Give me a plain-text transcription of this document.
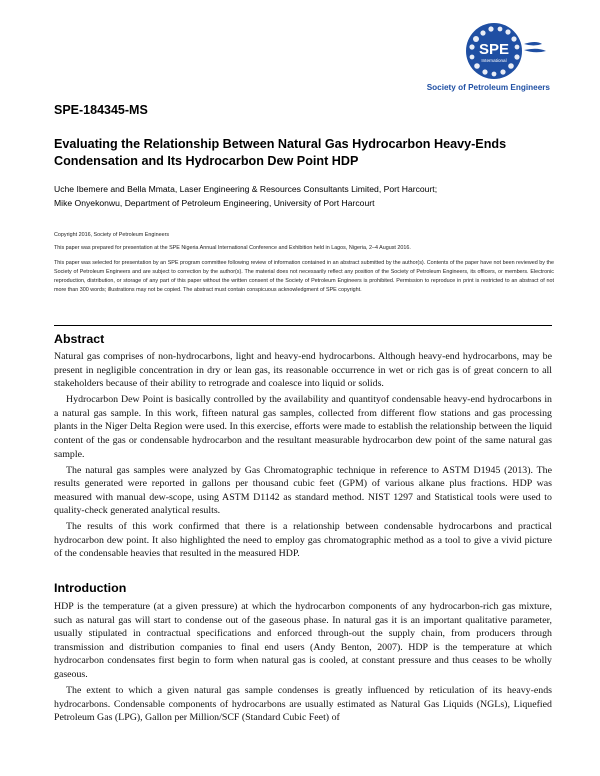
SPE
International
Society of Petroleum Engineers
SPE-184345-MS
Evaluating the Relationship Between Natural Gas Hydrocarbon Heavy-Ends Condensation and Its Hydrocarbon Dew Point HDP
Uche Ibemere and Bella Mmata, Laser Engineering & Resources Consultants Limited, Port Harcourt;
Mike Onyekonwu, Department of Petroleum Engineering, University of Port Harcourt

Copyright 2016, Society of Petroleum Engineers

This paper was prepared for presentation at the SPE Nigeria Annual International Conference and Exhibition held in Lagos, Nigeria, 2–4 August 2016.

This paper was selected for presentation by an SPE program committee following review of information contained in an abstract submitted by the author(s). Contents of the paper have not been reviewed by the Society of Petroleum Engineers and are subject to correction by the author(s). The material does not necessarily reflect any position of the Society of Petroleum Engineers, its officers, or members. Electronic reproduction, distribution, or storage of any part of this paper without the written consent of the Society of Petroleum Engineers is prohibited. Permission to reproduce in print is restricted to an abstract of not more than 300 words; illustrations may not be copied. The abstract must contain conspicuous acknowledgment of SPE copyright.

Abstract

Natural gas comprises of non-hydrocarbons, light and heavy-end hydrocarbons. Although heavy-end hydrocarbons, may be present in negligible concentration in dry or lean gas, its reasonable occurrence in wet or rich gas is of great concern to all stakeholders because of their ability to retrograde and coalesce into liquid or solids.

Hydrocarbon Dew Point is basically controlled by the availability and quantityof condensable heavy-end hydrocarbons in a natural gas sample. In this work, fifteen natural gas samples, collected from different flow stations and gas processing plants in the Niger Delta Region were used. In this exercise, efforts were made to establish the relationship between the liquid content of the gas or condensable hydrocarbon and the resultant measurable hydrocarbon dew point of the same natural gas sample.

The natural gas samples were analyzed by Gas Chromatographic technique in reference to ASTM D1945 (2013). The results generated were reported in gallons per thousand cubic feet (GPM) of various alkane plus fractions. HDP was measured with manual dew-scope, using ASTM D1142 as standard method. NIST 1297 and Statistical tools were used to quality-check generated analytical results.

The results of this work confirmed that there is a relationship between condensable hydrocarbons and practical hydrocarbon dew point. It also highlighted the need to employ gas chromatographic method as a tool to give a vivid picture of the condensable heavies that resulted in the measured HDP.

Introduction

HDP is the temperature (at a given pressure) at which the hydrocarbon components of any hydrocarbon-rich gas mixture, such as natural gas will start to condense out of the gaseous phase. In natural gas it is an important qualitative parameter, usually stipulated in contractual specifications and enforced through-out the supply chain, from producers through transmission and distribution companies to final end users (Andy Benton, 2007). HDP is the temperature at which hydrocarbon condensates first begin to form when natural gas is cooled, at constant pressure and thus ceases to be wholly gaseous.

The extent to which a given natural gas sample condenses is greatly influenced by reticulation of its heavy-ends hydrocarbons. Condensable components of hydrocarbons are usually estimated as Natural Gas Liquids (NGLs), Liquefied Petroleum Gas (LPG), Gallon per Million/SCF (Standard Cubic Feet) of
